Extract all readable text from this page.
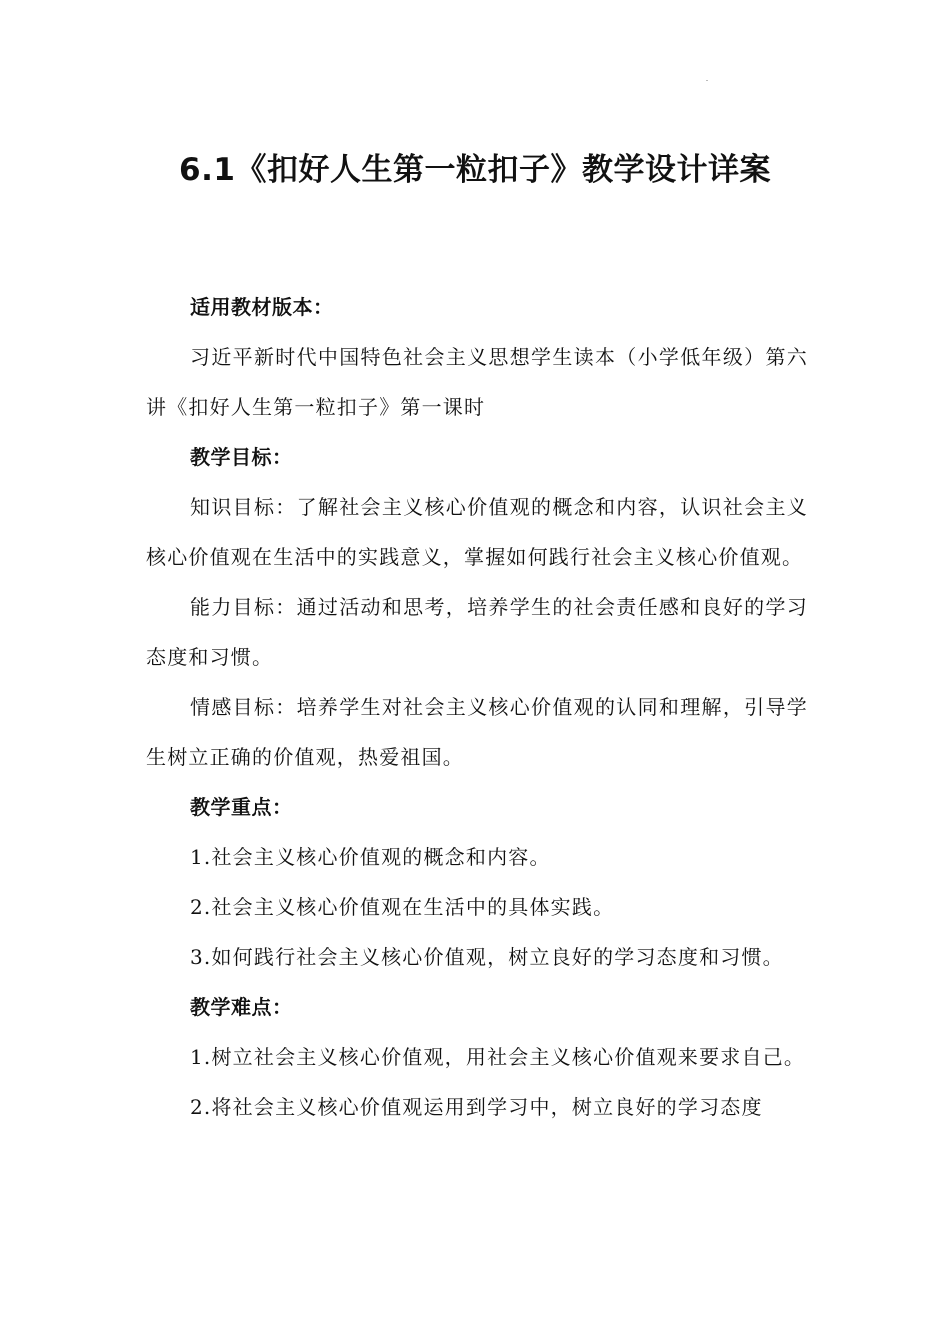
6.1《扣好人生第一粒扣子》教学设计详案
适用教材版本：
习近平新时代中国特色社会主义思想学生读本（小学低年级）第六讲《扣好人生第一粒扣子》第一课时
教学目标：
知识目标：了解社会主义核心价值观的概念和内容，认识社会主义核心价值观在生活中的实践意义，掌握如何践行社会主义核心价值观。
能力目标：通过活动和思考，培养学生的社会责任感和良好的学习态度和习惯。
情感目标：培养学生对社会主义核心价值观的认同和理解，引导学生树立正确的价值观，热爱祖国。
教学重点：
1.社会主义核心价值观的概念和内容。
2.社会主义核心价值观在生活中的具体实践。
3.如何践行社会主义核心价值观，树立良好的学习态度和习惯。
教学难点：
1.树立社会主义核心价值观，用社会主义核心价值观来要求自己。
2.将社会主义核心价值观运用到学习中，树立良好的学习态度
